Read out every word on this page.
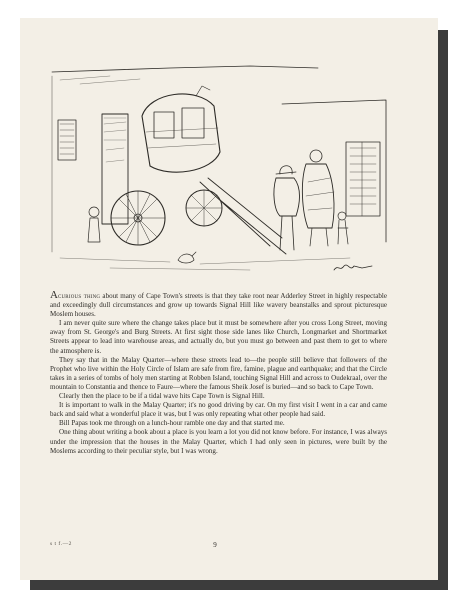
Acurious thing about many of Cape Town's streets is that they take root near Adderley Street in highly respectable and exceedingly dull circumstances and grow up towards Signal Hill like wavery beanstalks and sprout picturesque Moslem houses.

I am never quite sure where the change takes place but it must be somewhere after you cross Long Street, moving away from St. George's and Burg Streets. At first sight those side lanes like Church, Longmarket and Shortmarket Streets appear to lead into warehouse areas, and actually do, but you must go between and past them to get to where the atmosphere is.

They say that in the Malay Quarter—where these streets lead to—the people still believe that followers of the Prophet who live within the Holy Circle of Islam are safe from fire, famine, plague and earthquake; and that the Circle takes in a series of tombs of holy men starting at Robben Island, touching Signal Hill and across to Oudekraal, over the mountain to Constantia and thence to Faure—where the famous Sheik Josef is buried—and so back to Cape Town.

Clearly then the place to be if a tidal wave hits Cape Town is Signal Hill.

It is important to walk in the Malay Quarter; it's no good driving by car. On my first visit I went in a car and came back and said what a wonderful place it was, but I was only repeating what other people had said.

Bill Papas took me through on a lunch-hour ramble one day and that started me.

One thing about writing a book about a place is you learn a lot you did not know before. For instance, I was always under the impression that the houses in the Malay Quarter, which I had only seen in pictures, were built by the Moslems according to their peculiar style, but I was wrong.

s t f.—2	9
